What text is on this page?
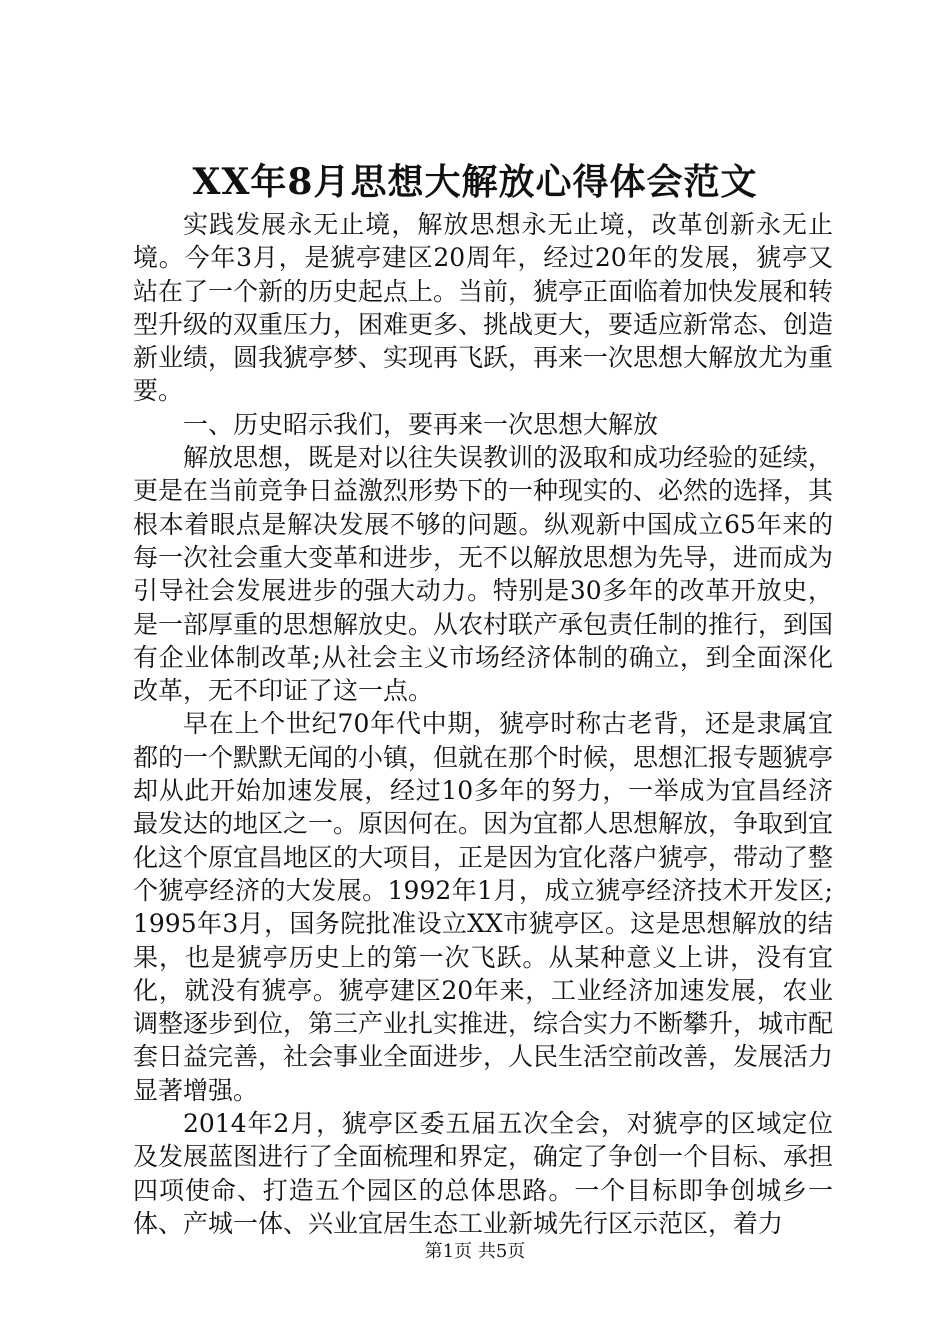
XX年8月思想大解放心得体会范文

实践发展永无止境，解放思想永无止境，改革创新永无止境。今年3月，是猇亭建区20周年，经过20年的发展，猇亭又站在了一个新的历史起点上。当前，猇亭正面临着加快发展和转型升级的双重压力，困难更多、挑战更大，要适应新常态、创造新业绩，圆我猇亭梦、实现再飞跃，再来一次思想大解放尤为重要。

一、历史昭示我们，要再来一次思想大解放

解放思想，既是对以往失误教训的汲取和成功经验的延续，更是在当前竞争日益激烈形势下的一种现实的、必然的选择，其根本着眼点是解决发展不够的问题。纵观新中国成立65年来的每一次社会重大变革和进步，无不以解放思想为先导，进而成为引导社会发展进步的强大动力。特别是30多年的改革开放史，是一部厚重的思想解放史。从农村联产承包责任制的推行，到国有企业体制改革;从社会主义市场经济体制的确立，到全面深化改革，无不印证了这一点。

早在上个世纪70年代中期，猇亭时称古老背，还是隶属宜都的一个默默无闻的小镇，但就在那个时候，思想汇报专题猇亭却从此开始加速发展，经过10多年的努力，一举成为宜昌经济最发达的地区之一。原因何在。因为宜都人思想解放，争取到宜化这个原宜昌地区的大项目，正是因为宜化落户猇亭，带动了整个猇亭经济的大发展。1992年1月，成立猇亭经济技术开发区;1995年3月，国务院批准设立XX市猇亭区。这是思想解放的结果，也是猇亭历史上的第一次飞跃。从某种意义上讲，没有宜化，就没有猇亭。猇亭建区20年来，工业经济加速发展，农业调整逐步到位，第三产业扎实推进，综合实力不断攀升，城市配套日益完善，社会事业全面进步，人民生活空前改善，发展活力显著增强。

2014年2月，猇亭区委五届五次全会，对猇亭的区域定位及发展蓝图进行了全面梳理和界定，确定了争创一个目标、承担四项使命、打造五个园区的总体思路。一个目标即争创城乡一体、产城一体、兴业宜居生态工业新城先行区示范区，着力

第1页 共5页
